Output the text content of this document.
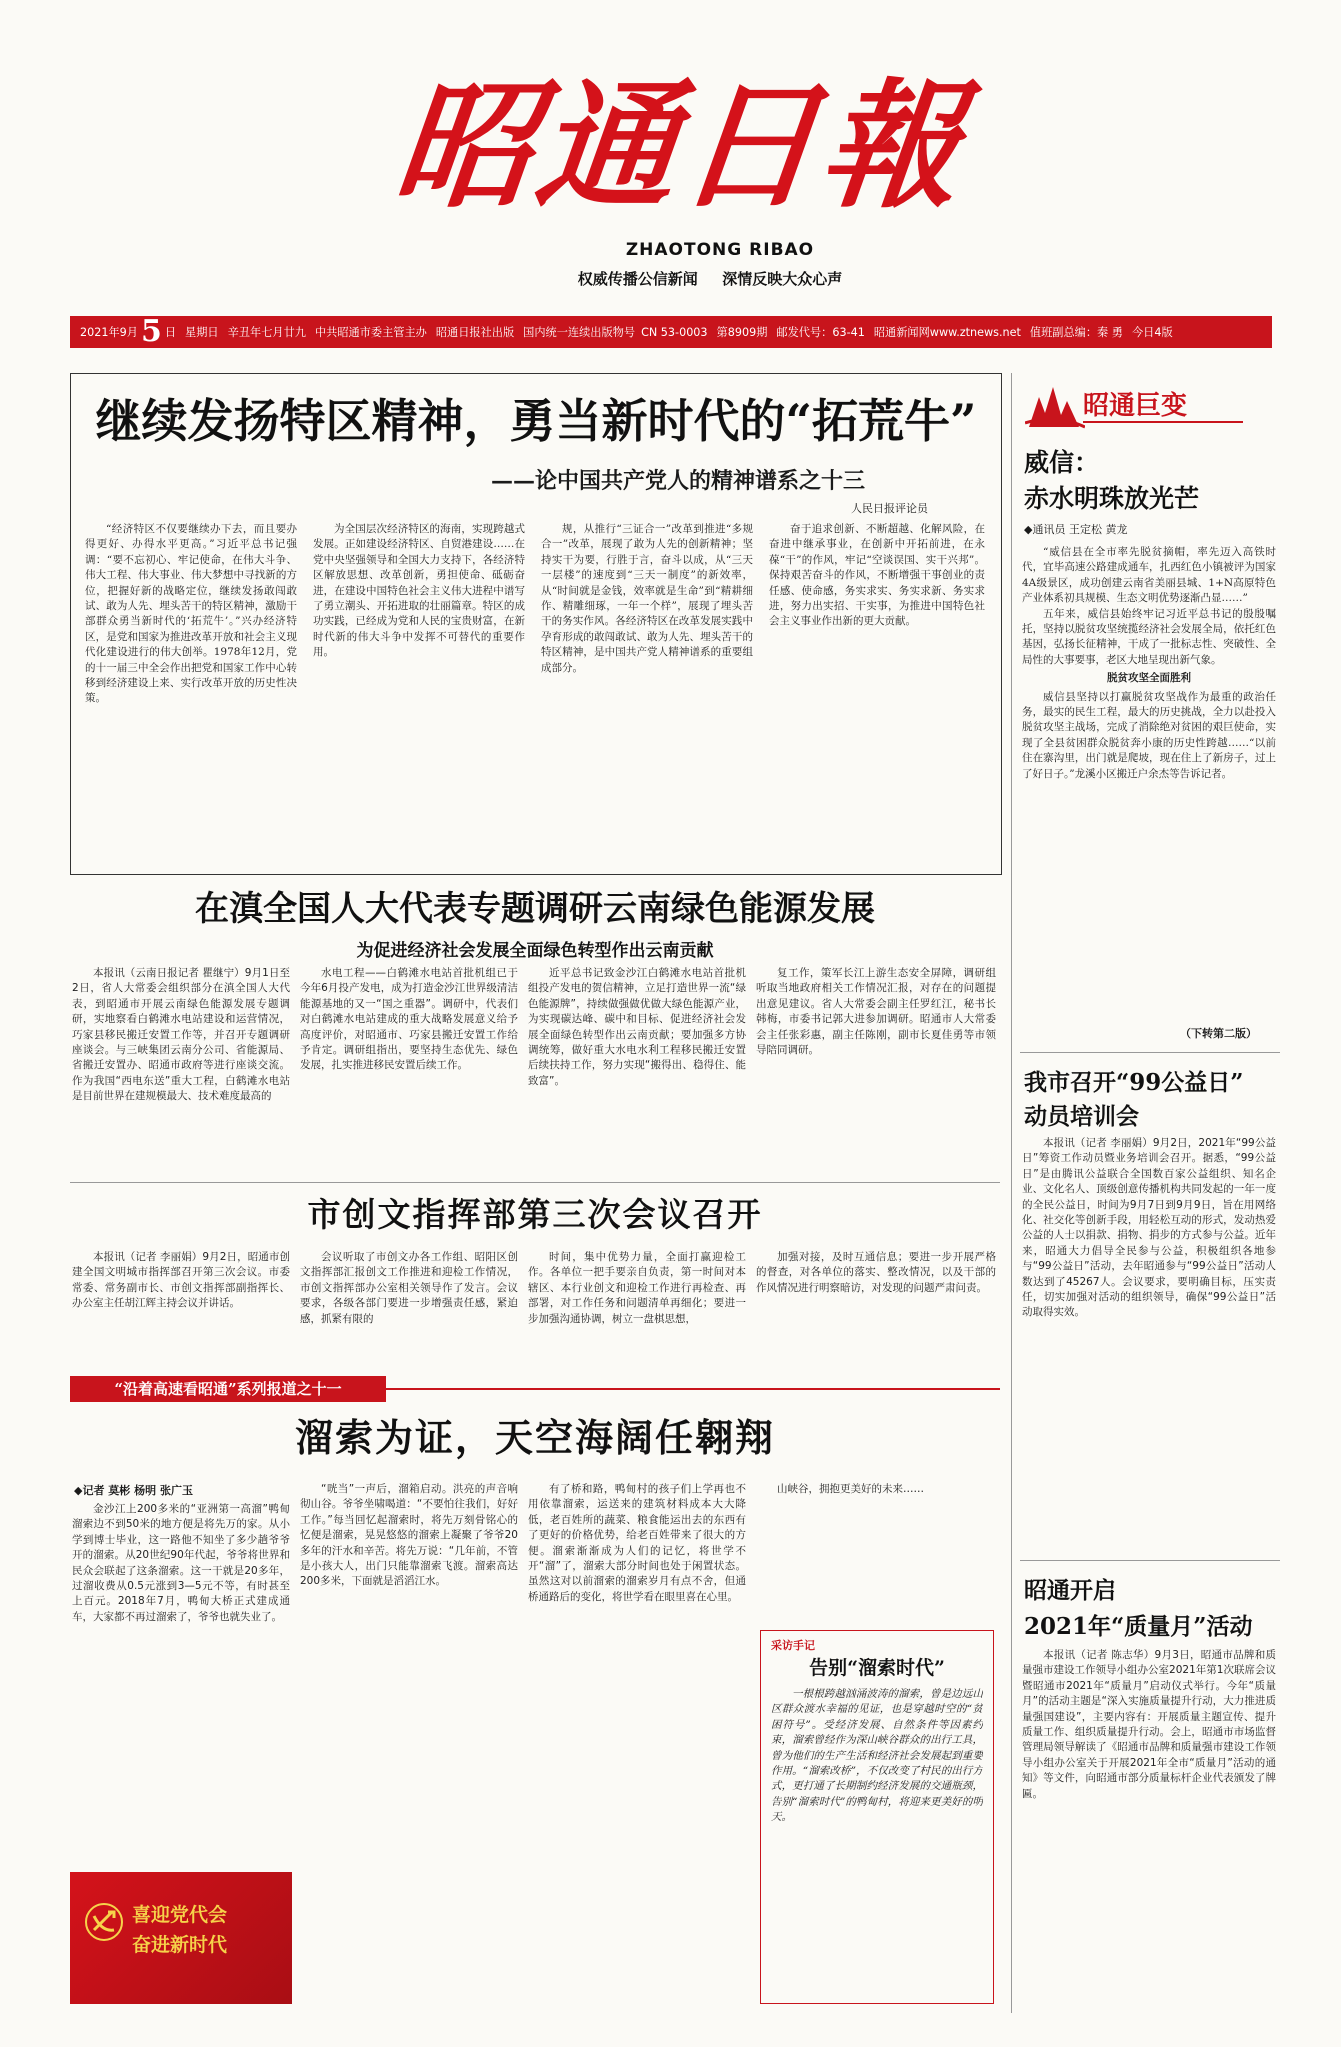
昭通日報
ZHAOTONG RIBAO
权威传播公信新闻 深情反映大众心声
2021年9月 5 日 星期日 辛丑年七月廿九 中共昭通市委主管主办 昭通日报社出版 国内统一连续出版物号 CN 53-0003 第8909期 邮发代号：63-41 昭通新闻网www.ztnews.net 值班副总编：秦 勇 今日4版
继续发扬特区精神，勇当新时代的“拓荒牛”
——论中国共产党人的精神谱系之十三
人民日报评论员

“经济特区不仅要继续办下去，而且要办得更好、办得水平更高。”习近平总书记强调：“要不忘初心、牢记使命，在伟大斗争、伟大工程、伟大事业、伟大梦想中寻找新的方位，把握好新的战略定位，继续发扬敢闯敢试、敢为人先、埋头苦干的特区精神，激励干部群众勇当新时代的‘拓荒牛’。”兴办经济特区，是党和国家为推进改革开放和社会主义现代化建设进行的伟大创举。1978年12月，党的十一届三中全会作出把党和国家工作中心转移到经济建设上来、实行改革开放的历史性决策。

为全国层次经济特区的海南，实现跨越式发展。正如建设经济特区、自贸港建设……在党中央坚强领导和全国大力支持下，各经济特区解放思想、改革创新，勇担使命、砥砺奋进，在建设中国特色社会主义伟大进程中谱写了勇立潮头、开拓进取的壮丽篇章。特区的成功实践，已经成为党和人民的宝贵财富，在新时代新的伟大斗争中发挥不可替代的重要作用。

规，从推行“三证合一”改革到推进“多规合一”改革，展现了敢为人先的创新精神；坚持实干为要，行胜于言，奋斗以成，从“三天一层楼”的速度到“三天一制度”的新效率，从“时间就是金钱，效率就是生命”到“精耕细作、精雕细琢，一年一个样”，展现了埋头苦干的务实作风。各经济特区在改革发展实践中孕育形成的敢闯敢试、敢为人先、埋头苦干的特区精神，是中国共产党人精神谱系的重要组成部分。

奋于追求创新、不断超越、化解风险，在奋进中继承事业，在创新中开拓前进，在永葆“干”的作风，牢记“空谈误国、实干兴邦”。保持艰苦奋斗的作风，不断增强干事创业的责任感、使命感，务实求实、务实求新、务实求进，努力出实招、干实事，为推进中国特色社会主义事业作出新的更大贡献。

昭通巨变
威信：
赤水明珠放光芒
◆通讯员 王定松 黄龙

“威信县在全市率先脱贫摘帽，率先迈入高铁时代，宜毕高速公路建成通车，扎西红色小镇被评为国家4A级景区，成功创建云南省美丽县城、1+N高原特色产业体系初具规模、生态文明优势逐渐凸显……”

五年来，威信县始终牢记习近平总书记的殷殷嘱托，坚持以脱贫攻坚统揽经济社会发展全局，依托红色基因，弘扬长征精神，干成了一批标志性、突破性、全局性的大事要事，老区大地呈现出新气象。

脱贫攻坚全面胜利

威信县坚持以打赢脱贫攻坚战作为最重的政治任务，最实的民生工程，最大的历史挑战，全力以赴投入脱贫攻坚主战场，完成了消除绝对贫困的艰巨使命，实现了全县贫困群众脱贫奔小康的历史性跨越……“以前住在寨沟里，出门就是爬坡，现在住上了新房子，过上了好日子。”龙溪小区搬迁户余杰等告诉记者。

（下转第二版）
在滇全国人大代表专题调研云南绿色能源发展
为促进经济社会发展全面绿色转型作出云南贡献

本报讯（云南日报记者 瞿继宁）9月1日至2日，省人大常委会组织部分在滇全国人大代表，到昭通市开展云南绿色能源发展专题调研，实地察看白鹤滩水电站建设和运营情况，巧家县移民搬迁安置工作等，并召开专题调研座谈会。与三峡集团云南分公司、省能源局、省搬迁安置办、昭通市政府等进行座谈交流。作为我国“西电东送”重大工程，白鹤滩水电站是目前世界在建规模最大、技术难度最高的

水电工程——白鹤滩水电站首批机组已于今年6月投产发电，成为打造金沙江世界级清洁能源基地的又一“国之重器”。调研中，代表们对白鹤滩水电站建成的重大战略发展意义给予高度评价，对昭通市、巧家县搬迁安置工作给予肯定。调研组指出，要坚持生态优先、绿色发展，扎实推进移民安置后续工作。

近平总书记致金沙江白鹤滩水电站首批机组投产发电的贺信精神，立足打造世界一流“绿色能源牌”，持续做强做优做大绿色能源产业，为实现碳达峰、碳中和目标、促进经济社会发展全面绿色转型作出云南贡献；要加强多方协调统筹，做好重大水电水利工程移民搬迁安置后续扶持工作，努力实现“搬得出、稳得住、能致富”。

复工作，策军长江上游生态安全屏障，调研组听取当地政府相关工作情况汇报，对存在的问题提出意见建议。省人大常委会副主任罗红江，秘书长韩梅，市委书记郭大进参加调研。昭通市人大常委会主任张彩惠，副主任陈刚，副市长夏佳勇等市领导陪同调研。

市创文指挥部第三次会议召开

本报讯（记者 李丽娟）9月2日，昭通市创建全国文明城市指挥部召开第三次会议。市委常委、常务副市长、市创文指挥部副指挥长、办公室主任胡江辉主持会议并讲话。

会议听取了市创文办各工作组、昭阳区创文指挥部汇报创文工作推进和迎检工作情况，市创文指挥部办公室相关领导作了发言。会议要求，各级各部门要进一步增强责任感，紧迫感，抓紧有限的

时间，集中优势力量，全面打赢迎检工作。各单位一把手要亲自负责，第一时间对本辖区、本行业创文和迎检工作进行再检查、再部署，对工作任务和问题清单再细化；要进一步加强沟通协调，树立一盘棋思想，

加强对接，及时互通信息；要进一步开展严格的督查，对各单位的落实、整改情况，以及干部的作风情况进行明察暗访，对发现的问题严肃问责。

“沿着高速看昭通”系列报道之十一
溜索为证，天空海阔任翱翔
◆记者 莫彬 杨明 张广玉

金沙江上200多米的“亚洲第一高溜”鸭甸溜索边不到50米的地方便是将先万的家。从小学到博士毕业，这一路他不知坐了多少趟爷爷开的溜索。从20世纪90年代起，爷爷将世界和民众会联起了这条溜索。这一干就是20多年，过溜收费从0.5元涨到3—5元不等，有时甚至上百元。2018年7月，鸭甸大桥正式建成通车，大家都不再过溜索了，爷爷也就失业了。

“咣当”一声后，溜箱启动。洪亮的声音响彻山谷。爷爷坐啸喝道：“不要怕往我们，好好工作。”每当回忆起溜索时，将先万刻骨铭心的忆便是溜索，晃晃悠悠的溜索上凝聚了爷爷20多年的汗水和辛苦。将先万说：“几年前，不管是小孩大人，出门只能靠溜索飞渡。溜索高达200多米，下面就是滔滔江水。

有了桥和路，鸭甸村的孩子们上学再也不用依靠溜索，运送来的建筑材料成本大大降低，老百姓所的蔬菜、粮食能运出去的东西有了更好的价格优势，给老百姓带来了很大的方便。溜索渐渐成为人们的记忆，将世学不开“溜”了，溜索大部分时间也处于闲置状态。虽然这对以前溜索的溜索岁月有点不舍，但通桥通路后的变化，将世学看在眼里喜在心里。

山峡谷，拥抱更美好的未来……

采访手记
告别“溜索时代”

一根根跨越汹涌波涛的溜索，曾是边远山区群众渡水幸福的见证，也是穿越时空的“贫困符号”。受经济发展、自然条件等因素约束，溜索曾经作为深山峡谷群众的出行工具，曾为他们的生产生活和经济社会发展起到重要作用。“溜索改桥”，不仅改变了村民的出行方式，更打通了长期制约经济发展的交通瓶颈，告别“溜索时代”的鸭甸村，将迎来更美好的明天。

喜迎党代会
奋进新时代
我市召开“99公益日”
动员培训会

本报讯（记者 李丽娟）9月2日，2021年“99公益日”筹资工作动员暨业务培训会召开。据悉，“99公益日”是由腾讯公益联合全国数百家公益组织、知名企业、文化名人、顶级创意传播机构共同发起的一年一度的全民公益日，时间为9月7日到9月9日，旨在用网络化、社交化等创新手段，用轻松互动的形式，发动热爱公益的人士以捐款、捐物、捐步的方式参与公益。近年来，昭通大力倡导全民参与公益，积极组织各地参与“99公益日”活动，去年昭通参与“99公益日”活动人数达到了45267人。会议要求，要明确目标，压实责任，切实加强对活动的组织领导，确保“99公益日”活动取得实效。

昭通开启
2021年“质量月”活动

本报讯（记者 陈志华）9月3日，昭通市品牌和质量强市建设工作领导小组办公室2021年第1次联席会议暨昭通市2021年“质量月”启动仪式举行。今年“质量月”的活动主题是“深入实施质量提升行动，大力推进质量强国建设”，主要内容有：开展质量主题宣传、提升质量工作、组织质量提升行动。会上，昭通市市场监督管理局领导解读了《昭通市品牌和质量强市建设工作领导小组办公室关于开展2021年全市“质量月”活动的通知》等文件，向昭通市部分质量标杆企业代表颁发了牌匾。
